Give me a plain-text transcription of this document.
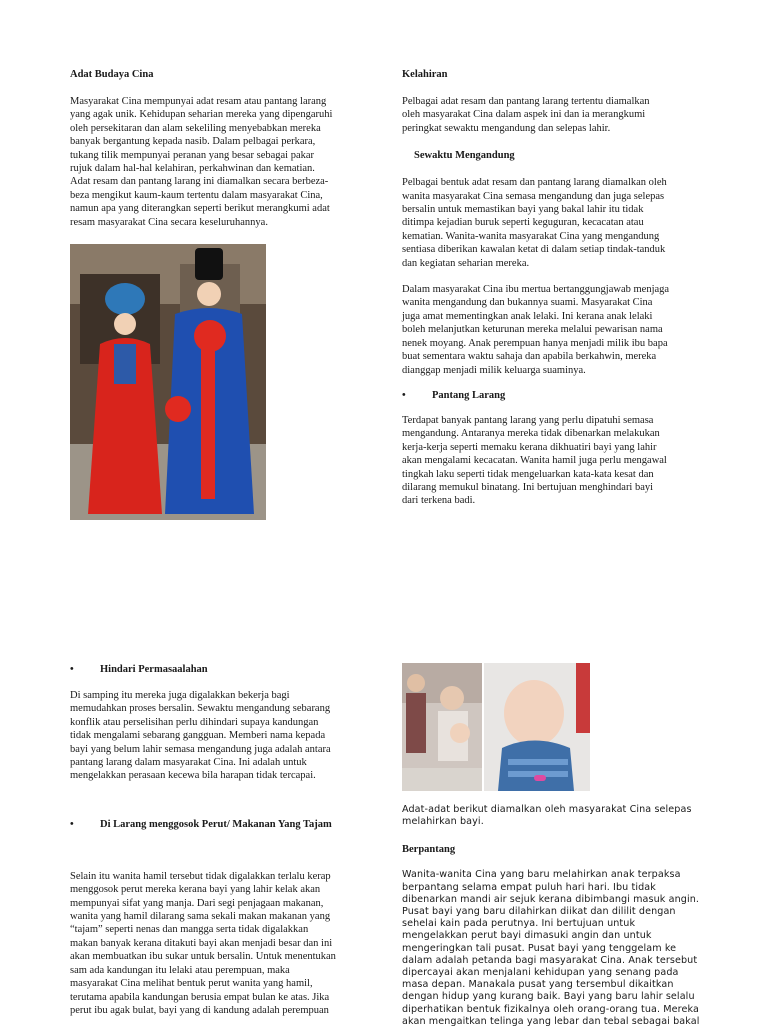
Adat Budaya Cina

Masyarakat Cina mempunyai adat resam atau pantang larang
yang agak unik. Kehidupan seharian mereka yang dipengaruhi
oleh persekitaran dan alam sekeliling menyebabkan mereka
banyak bergantung kepada nasib. Dalam pelbagai perkara,
tukang tilik mempunyai peranan yang besar sebagai pakar
rujuk dalam hal-hal kelahiran, perkahwinan dan kematian.
Adat resam dan pantang larang ini diamalkan secara berbeza-
beza mengikut kaum-kaum tertentu dalam masyarakat Cina,
namun apa yang diterangkan seperti berikut merangkumi adat
resam masyarakat Cina secara keseluruhannya.

Kelahiran

Pelbagai adat resam dan pantang larang tertentu diamalkan
oleh masyarakat Cina dalam aspek ini dan ia merangkumi
peringkat sewaktu mengandung dan selepas lahir.

Sewaktu Mengandung

Pelbagai bentuk adat resam dan pantang larang diamalkan oleh
wanita masyarakat Cina semasa mengandung dan juga selepas
bersalin untuk memastikan bayi yang bakal lahir itu tidak
ditimpa kejadian buruk seperti keguguran, kecacatan atau
kematian. Wanita-wanita masyarakat Cina yang mengandung
sentiasa diberikan kawalan ketat di dalam setiap tindak-tanduk
dan kegiatan seharian mereka.

Dalam masyarakat Cina ibu mertua bertanggungjawab menjaga
wanita mengandung dan bukannya suami. Masyarakat Cina
juga amat mementingkan anak lelaki. Ini kerana anak lelaki
boleh melanjutkan keturunan mereka melalui pewarisan nama
nenek moyang. Anak perempuan hanya menjadi milik ibu bapa
buat sementara waktu sahaja dan apabila berkahwin, mereka
dianggap menjadi milik keluarga suaminya.

•	Pantang Larang

Terdapat banyak pantang larang yang perlu dipatuhi semasa
mengandung. Antaranya mereka tidak dibenarkan melakukan
kerja-kerja seperti memaku kerana dikhuatiri bayi yang lahir
akan mengalami kecacatan. Wanita hamil juga perlu mengawal
tingkah laku seperti tidak mengeluarkan kata-kata kesat dan
dilarang memukul binatang. Ini bertujuan menghindari bayi
dari terkena badi.

•	Hindari Permasaalahan

Di samping itu mereka juga digalakkan bekerja bagi
memudahkan proses bersalin. Sewaktu mengandung sebarang
konflik atau perselisihan perlu dihindari supaya kandungan
tidak mengalami sebarang gangguan. Memberi nama kepada
bayi yang belum lahir semasa mengandung juga adalah antara
pantang larang dalam masyarakat Cina. Ini adalah untuk
mengelakkan perasaan kecewa bila harapan tidak tercapai.

•	Di Larang menggosok Perut/ Makanan Yang Tajam

Selain itu wanita hamil tersebut tidak digalakkan terlalu kerap
menggosok perut mereka kerana bayi yang lahir kelak akan
mempunyai sifat yang manja. Dari segi penjagaan makanan,
wanita yang hamil dilarang sama sekali makan makanan yang
“tajam” seperti nenas dan mangga serta tidak digalakkan
makan banyak kerana ditakuti bayi akan menjadi besar dan ini
akan membuatkan ibu sukar untuk bersalin. Untuk menentukan
sam ada kandungan itu lelaki atau perempuan, maka
masyarakat Cina melihat bentuk perut wanita yang hamil,
terutama apabila kandungan berusia empat bulan ke atas. Jika
perut ibu agak bulat, bayi yang di kandung adalah perempuan

Adat-adat berikut diamalkan oleh masyarakat Cina selepas
melahirkan bayi.

Berpantang

Wanita-wanita Cina yang baru melahirkan anak terpaksa
berpantang selama empat puluh hari hari. Ibu tidak
dibenarkan mandi air sejuk kerana dibimbangi masuk angin.
Pusat bayi yang baru dilahirkan diikat dan dililit dengan
sehelai kain pada perutnya. Ini bertujuan untuk
mengelakkan perut bayi dimasuki angin dan untuk
mengeringkan tali pusat. Pusat bayi yang tenggelam ke
dalam adalah petanda bagi masyarakat Cina. Anak tersebut
dipercayai akan menjalani kehidupan yang senang pada
masa depan. Manakala pusat yang tersembul dikaitkan
dengan hidup yang kurang baik. Bayi yang baru lahir selalu
diperhatikan bentuk fizikalnya oleh orang-orang tua. Mereka
akan mengaitkan telinga yang lebar dan tebal sebagai bakal
